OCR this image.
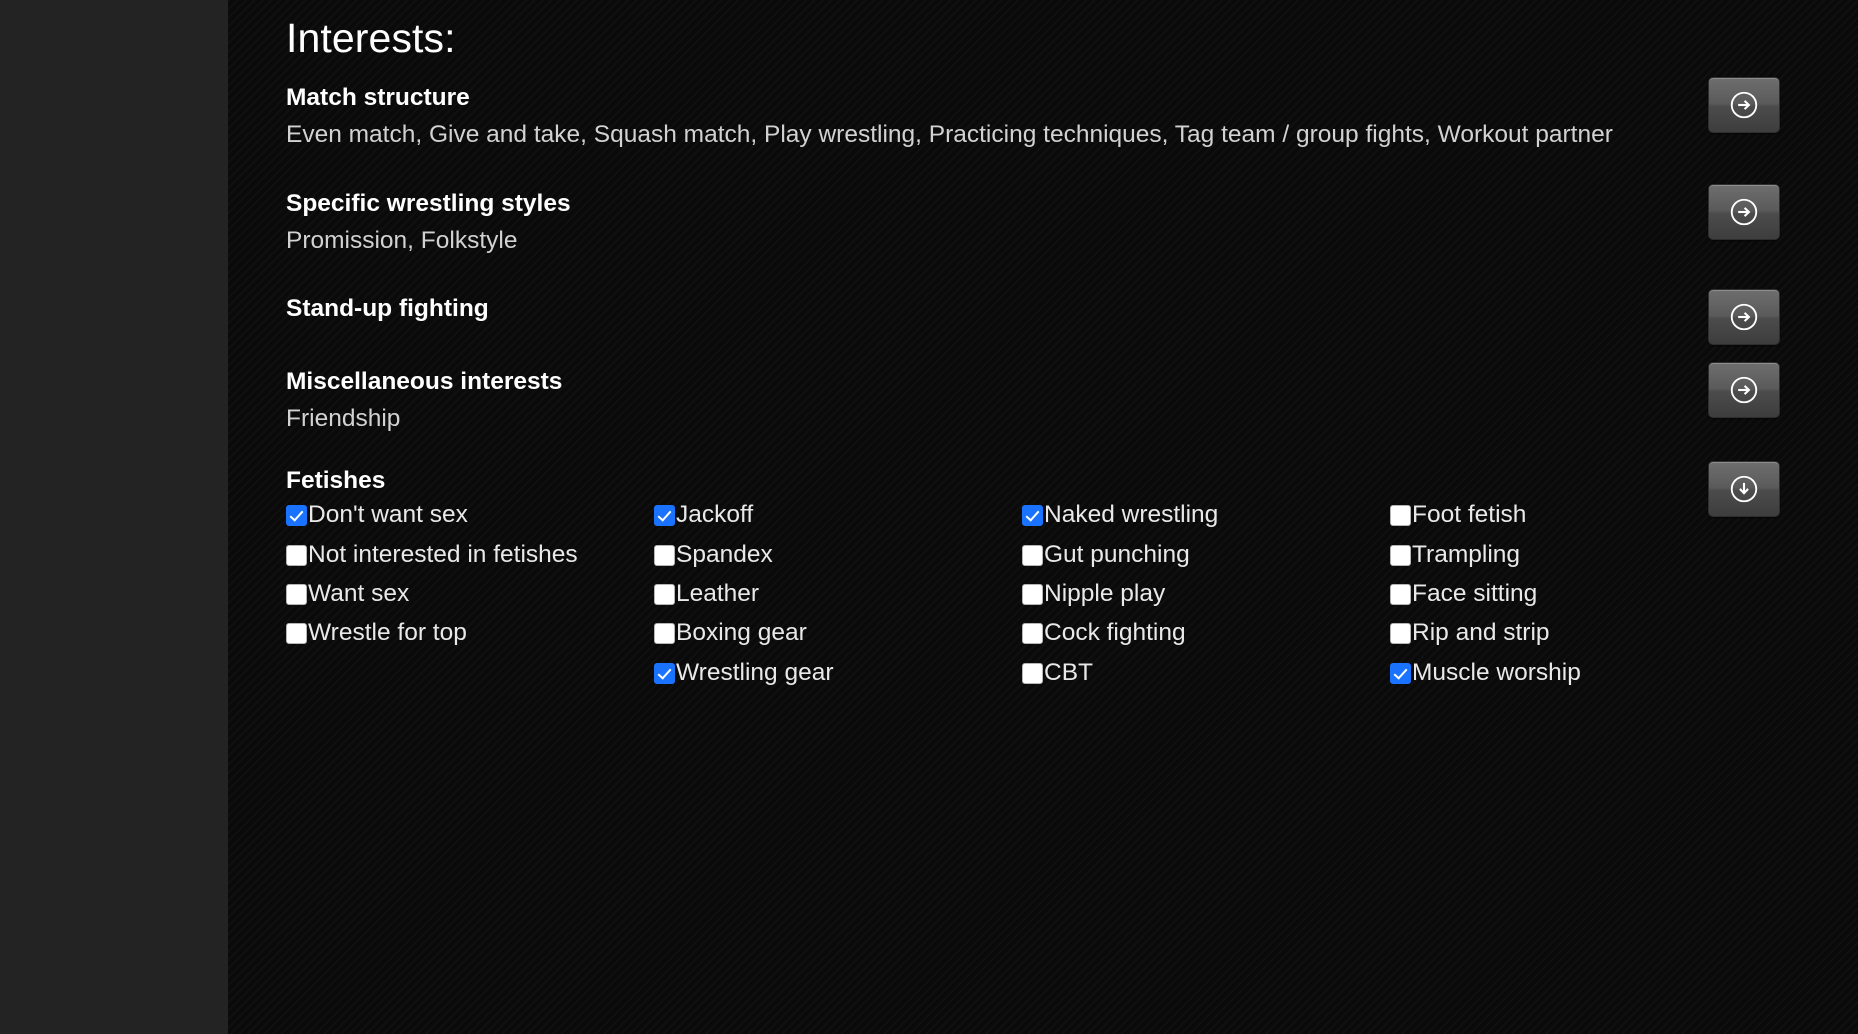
Interests:
Match structure
Even match, Give and take, Squash match, Play wrestling, Practicing techniques, Tag team / group fights, Workout partner
Specific wrestling styles
Promission, Folkstyle
Stand-up fighting
Miscellaneous interests
Friendship
Fetishes
Don't want sex
Not interested in fetishes
Want sex
Wrestle for top
Jackoff
Spandex
Leather
Boxing gear
Wrestling gear
Naked wrestling
Gut punching
Nipple play
Cock fighting
CBT
Foot fetish
Trampling
Face sitting
Rip and strip
Muscle worship
